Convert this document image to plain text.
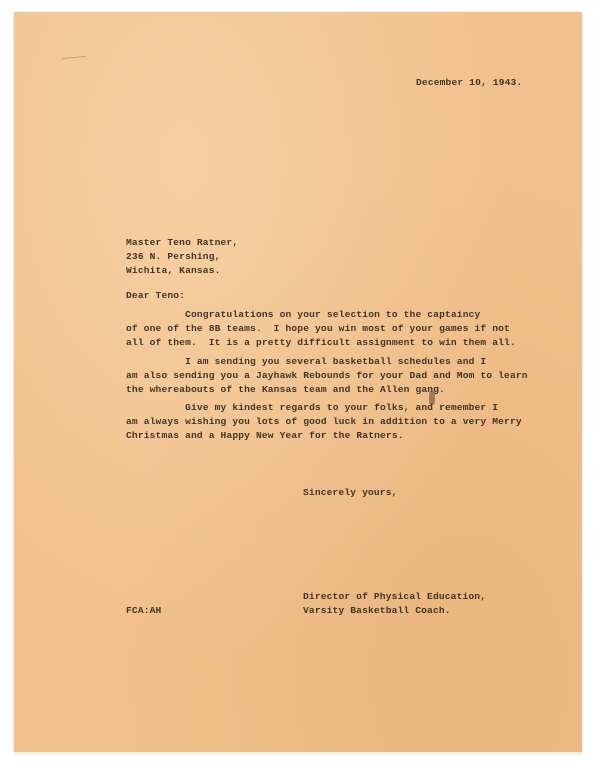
December 10, 1943.
Master Teno Ratner,
236 N. Pershing,
Wichita, Kansas.
Dear Teno:
Congratulations on your selection to the captaincy
of one of the 8B teams.  I hope you win most of your games if not
all of them.  It is a pretty difficult assignment to win them all.
I am sending you several basketball schedules and I
am also sending you a Jayhawk Rebounds for your Dad and Mom to learn
the whereabouts of the Kansas team and the Allen gang.
Give my kindest regards to your folks, and remember I
am always wishing you lots of good luck in addition to a very Merry
Christmas and a Happy New Year for the Ratners.
Sincerely yours,
Director of Physical Education,
Varsity Basketball Coach.
FCA:AH
